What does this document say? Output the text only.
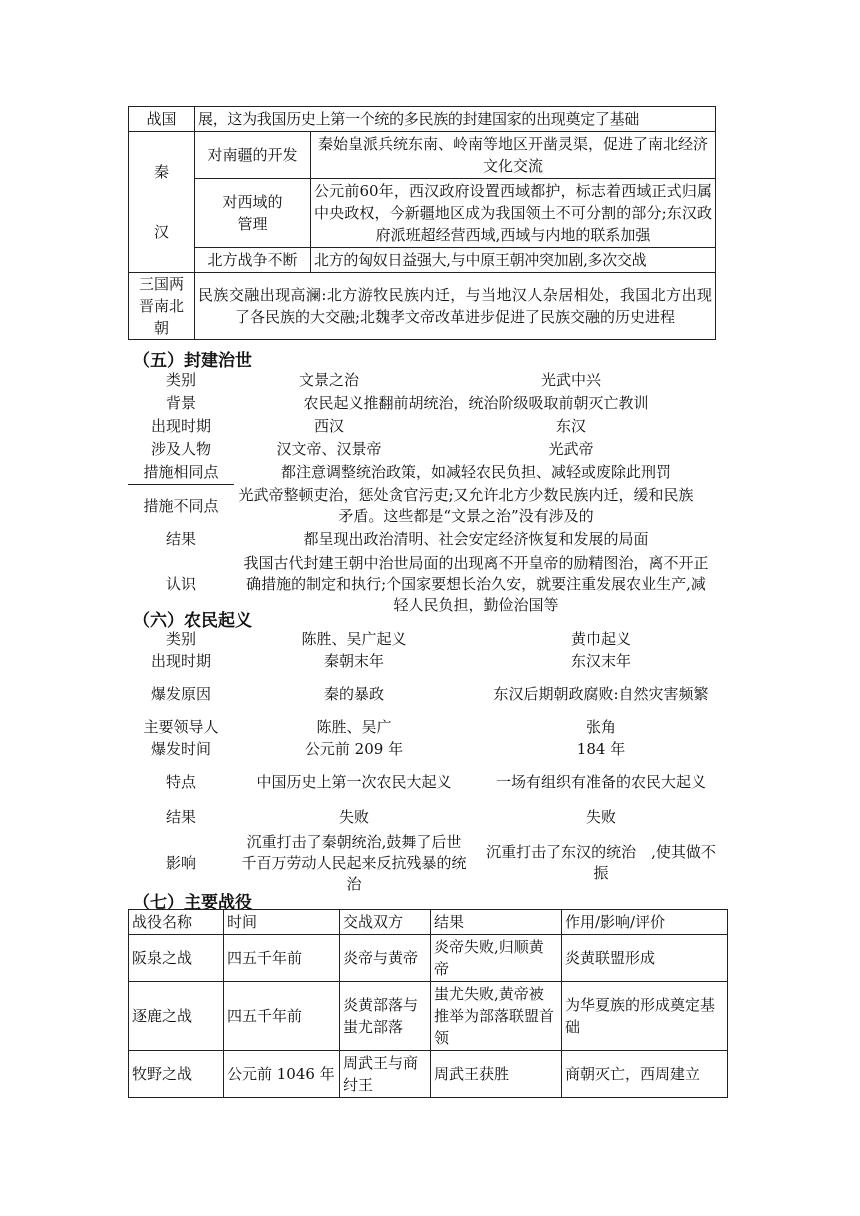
战国	展，这为我国历史上第一个统的多民族的封建国家的出现奠定了基础	

秦
汉	对南疆的开发	秦始皇派兵统东南、岭南等地区开凿灵渠，促进了南北经济文化交流
	对西域的管理	公元前60年，西汉政府设置西域都护，标志着西域正式归属中央政权，今新疆地区成为我国领土不可分割的部分;东汉政府派班超经营西域,西域与内地的联系加强
	北方战争不断	北方的匈奴日益强大,与中原王朝冲突加剧,多次交战
三国两晋南北朝	民族交融出现高澜:北方游牧民族内迁，与当地汉人杂居相处，我国北方出现了各民族的大交融;北魏孝文帝改革进步促进了民族交融的历史进程	
（五）封建治世
类别	文景之治	光武中兴
背景	农民起义推翻前胡统治，统治阶级吸取前朝灭亡教训	
出现时期	西汉	东汉
涉及人物	汉文帝、汉景帝	光武帝
措施相同点	都注意调整统治政策，如减轻农民负担、减轻或废除此刑罚	
措施不同点	光武帝整顿吏治，惩处贪官污吏;又允许北方少数民族内迁，缓和民族矛盾。这些都是“文景之治”没有涉及的	
结果	都呈现出政治清明、社会安定经济恢复和发展的局面	
认识	我国古代封建王朝中治世局面的出现离不开皇帝的励精图治，离不开正确措施的制定和执行;个国家要想长治久安，就要注重发展农业生产,减轻人民负担，勤俭治国等	
（六）农民起义
类别	陈胜、吴广起义	黄巾起义
出现时期	秦朝末年	东汉末年
爆发原因	秦的暴政	东汉后期朝政腐败:自然灾害频繁
主要领导人	陈胜、吴广	张角
爆发时间	公元前 209 年	184 年
特点	中国历史上第一次农民大起义	一场有组织有准备的农民大起义
结果	失败	失败
影响	沉重打击了秦朝统治,鼓舞了后世千百万劳动人民起来反抗残暴的统治	沉重打击了东汉的统治　,使其做不振
（七）主要战役
战役名称	时间	交战双方	结果	作用/影响/评价
阪泉之战	四五千年前	炎帝与黄帝	炎帝失败,归顺黄帝	炎黄联盟形成
逐鹿之战	四五千年前	炎黄部落与蚩尤部落	蚩尤失败,黄帝被推举为部落联盟首领	为华夏族的形成奠定基础
牧野之战	公元前 1046 年	周武王与商纣王	周武王获胜	商朝灭亡，西周建立
